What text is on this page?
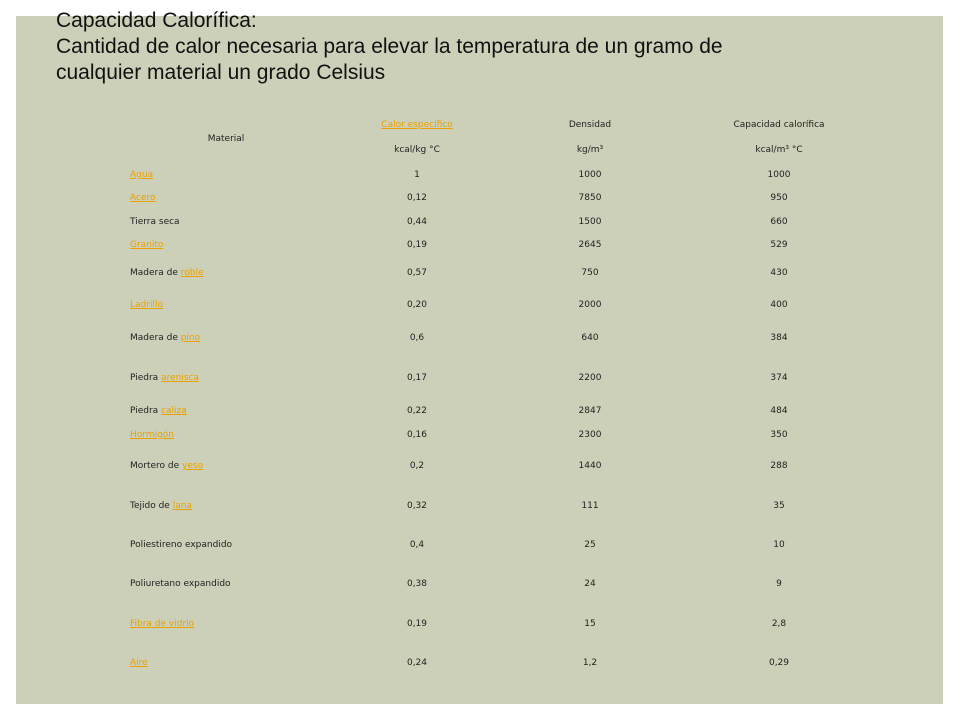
Capacidad Calorífica:
Cantidad de calor necesaria para elevar la temperatura de un gramo de
cualquier material un grado Celsius
Material	Calor específico	Densidad	Capacidad calorífica
	kcal/kg °C	kg/m³	kcal/m³ °C
Agua	1	1000	1000
Acero	0,12	7850	950
Tierra seca	0,44	1500	660
Granito	0,19	2645	529
Madera de roble	0,57	750	430
Ladrillo	0,20	2000	400
Madera de pino	0,6	640	384
Piedra arenisca	0,17	2200	374
Piedra caliza	0,22	2847	484
Hormigón	0,16	2300	350
Mortero de yeso	0,2	1440	288
Tejido de lana	0,32	111	35
Poliestireno expandido	0,4	25	10
Poliuretano expandido	0,38	24	9
Fibra de vidrio	0,19	15	2,8
Aire	0,24	1,2	0,29
